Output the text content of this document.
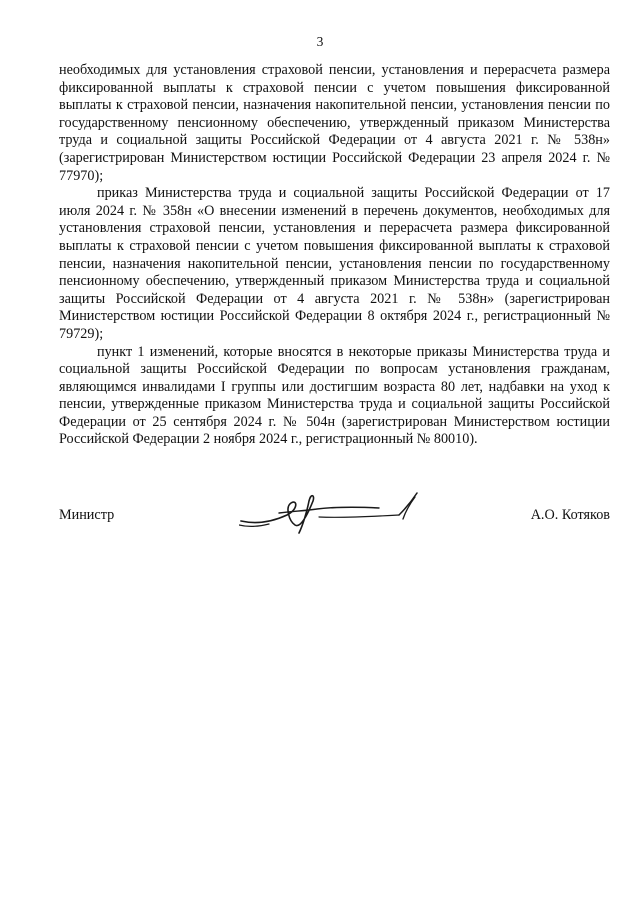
3

необходимых для установления страховой пенсии, установления и перерасчета размера фиксированной выплаты к страховой пенсии с учетом повышения фиксированной выплаты к страховой пенсии, назначения накопительной пенсии, установления пенсии по государственному пенсионному обеспечению, утвержденный приказом Министерства труда и социальной защиты Российской Федерации от 4 августа 2021 г. № 538н» (зарегистрирован Министерством юстиции Российской Федерации 23 апреля 2024 г. № 77970);

приказ Министерства труда и социальной защиты Российской Федерации от 17 июля 2024 г. № 358н «О внесении изменений в перечень документов, необходимых для установления страховой пенсии, установления и перерасчета размера фиксированной выплаты к страховой пенсии с учетом повышения фиксированной выплаты к страховой пенсии, назначения накопительной пенсии, установления пенсии по государственному пенсионному обеспечению, утвержденный приказом Министерства труда и социальной защиты Российской Федерации от 4 августа 2021 г. № 538н» (зарегистрирован Министерством юстиции Российской Федерации 8 октября 2024 г., регистрационный № 79729);

пункт 1 изменений, которые вносятся в некоторые приказы Министерства труда и социальной защиты Российской Федерации по вопросам установления гражданам, являющимся инвалидами I группы или достигшим возраста 80 лет, надбавки на уход к пенсии, утвержденные приказом Министерства труда и социальной защиты Российской Федерации от 25 сентября 2024 г. № 504н (зарегистрирован Министерством юстиции Российской Федерации 2 ноября 2024 г., регистрационный № 80010).

Министр	А.О. Котяков
